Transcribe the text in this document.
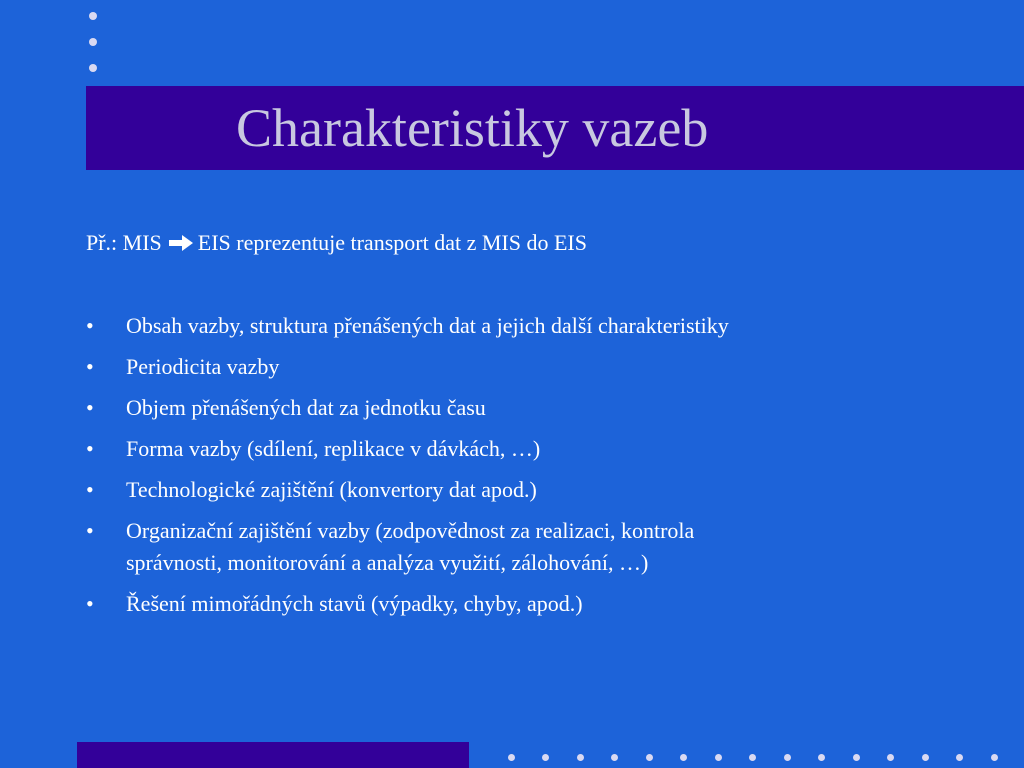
Charakteristiky vazeb
Př.: MIS EIS reprezentuje transport dat z MIS do EIS
•	Obsah vazby, struktura přenášených dat a jejich další charakteristiky
•	Periodicita vazby
•	Objem přenášených dat za jednotku času
•	Forma vazby (sdílení, replikace v dávkách, …)
•	Technologické zajištění (konvertory dat apod.)
•	Organizační zajištění vazby (zodpovědnost za realizaci, kontrola
správnosti, monitorování a analýza využití, zálohování, …)
•	Řešení mimořádných stavů (výpadky, chyby, apod.)
